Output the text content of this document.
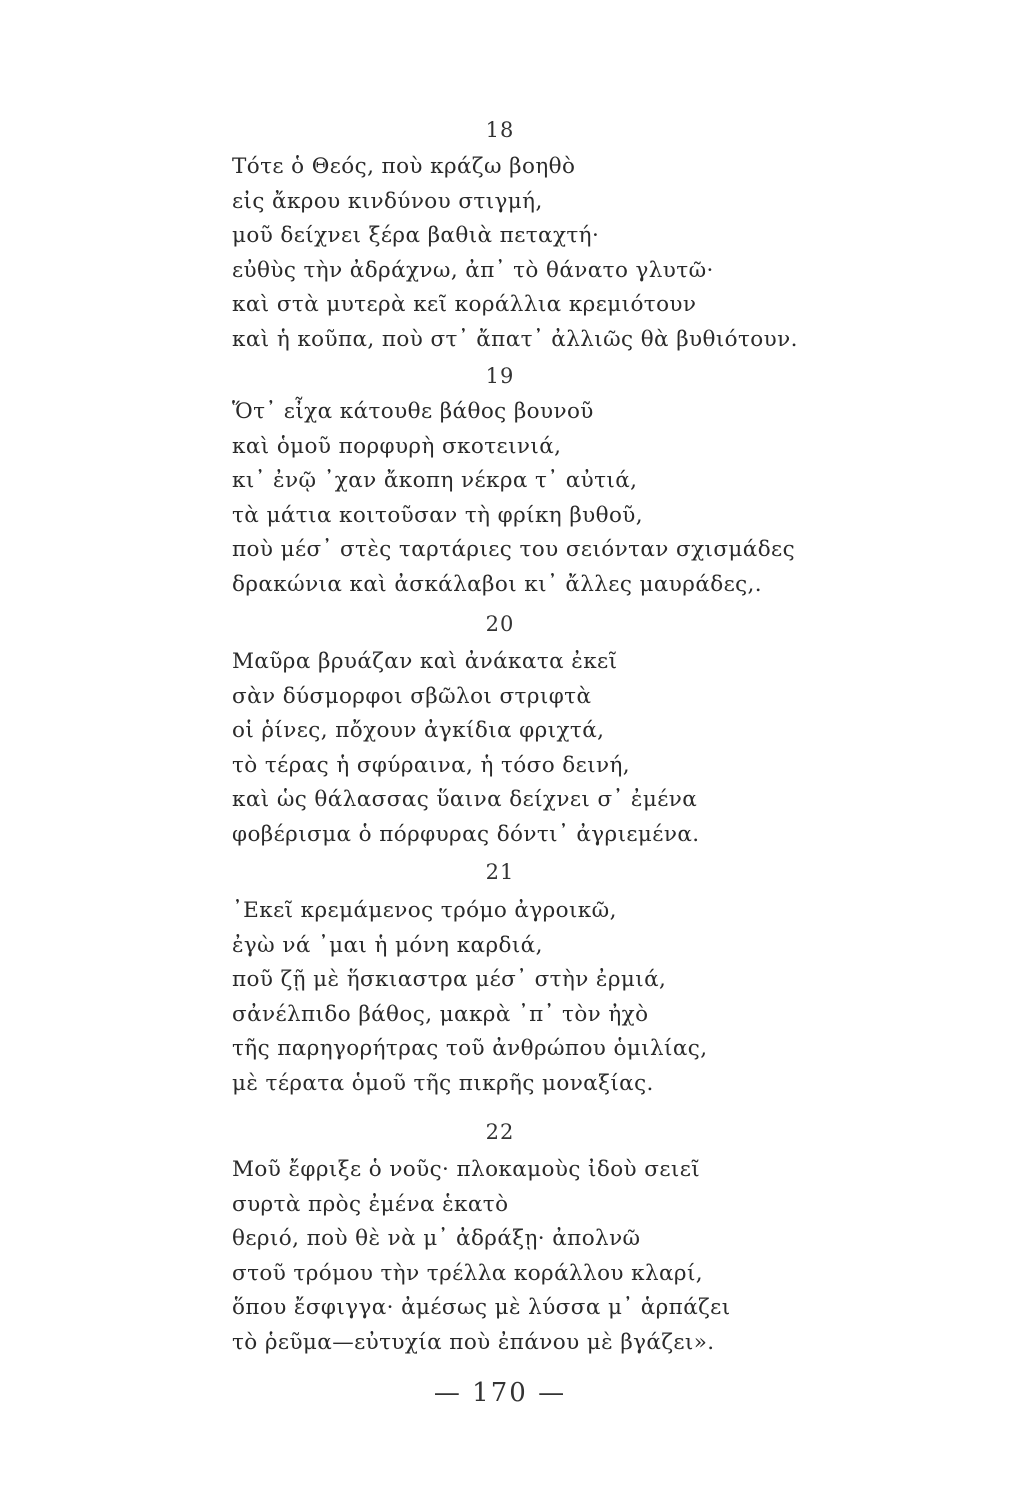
18
Τότε ὁ Θεός, ποὺ κράζω βοηθὸ
εἰς ἄκρου κινδύνου στιγμή,
μοῦ δείχνει ξέρα βαθιὰ πεταχτή·
εὐθὺς τὴν ἀδράχνω, ἀπ᾽ τὸ θάνατο γλυτῶ·
καὶ στὰ μυτερὰ κεῖ κοράλλια κρεμιότουν
καὶ ἡ κοῦπα, ποὺ στ᾽ ἄπατ᾽ ἀλλιῶς θὰ βυθιότουν.
19
Ὅτ᾽ εἶχα κάτουθε βάθος βουνοῦ
καὶ ὁμοῦ πορφυρὴ σκοτεινιά,
κι᾽ ἐνῷ ᾽χαν ἄκοπη νέκρα τ᾽ αὐτιά,
τὰ μάτια κοιτοῦσαν τὴ φρίκη βυθοῦ,
ποὺ μέσ᾽ στὲς ταρτάριες του σειόνταν σχισμάδες
δρακώνια καὶ ἀσκάλαβοι κι᾽ ἄλλες μαυράδες,.
20
Μαῦρα βρυάζαν καὶ ἀνάκατα ἐκεῖ
σὰν δύσμορφοι σβῶλοι στριφτὰ
οἱ ῥίνες, πὄχουν ἀγκίδια φριχτά,
τὸ τέρας ἡ σφύραινα, ἡ τόσο δεινή,
καὶ ὡς θάλασσας ὕαινα δείχνει σ᾽ ἐμένα
φοβέρισμα ὁ πόρφυρας δόντι᾽ ἀγριεμένα.
21
᾽Εκεῖ κρεμάμενος τρόμο ἀγροικῶ,
ἐγὼ νά ᾽μαι ἡ μόνη καρδιά,
ποῦ ζῇ μὲ ἥσκιαστρα μέσ᾽ στὴν ἐρμιά,
σἀνέλπιδο βάθος, μακρὰ ᾽π᾽ τὸν ἠχὸ
τῆς παρηγορήτρας τοῦ ἀνθρώπου ὁμιλίας,
μὲ τέρατα ὁμοῦ τῆς πικρῆς μοναξίας.
22
Μοῦ ἔφριξε ὁ νοῦς· πλοκαμοὺς ἰδοὺ σειεῖ
συρτὰ πρὸς ἐμένα ἑκατὸ
θεριό, ποὺ θὲ νὰ μ᾽ ἀδράξῃ· ἀπολνῶ
στοῦ τρόμου τὴν τρέλλα κοράλλου κλαρί,
ὅπου ἔσφιγγα· ἀμέσως μὲ λύσσα μ᾽ ἁρπάζει
τὸ ῥεῦμα—εὐτυχία ποὺ ἐπάνου μὲ βγάζει».
— 170 —
